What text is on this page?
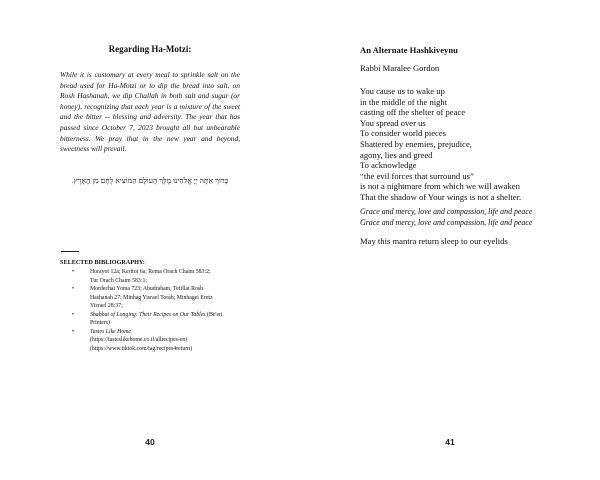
Regarding Ha-Motzi:

While it is customary at every meal to sprinkle salt on the bread used for Ha-Motzi or to dip the bread into salt, on Rosh Hashanah, we dip Challah in both salt and sugar (or honey), recognizing that each year is a mixture of the sweet and the bitter -- blessing and adversity. The year that has passed since October 7, 2023 brought all but unbearable bitterness. We pray that in the new year and beyond, sweetness will prevail.

בָּרוּךְ אַתָּה יְיָ אֱלֹהֵינוּ מֶלֶךְ הָעוֹלָם הַמּוֹצִיא לֶחֶם מִן הָאָרֶץ.
SELECTED BIBLIOGRAPHY:
• Horayot 12a; Keritot 6a; Rema Orach Chaim 583:2;
Tur Orach Chaim 583:1;
• Mordechai Yoma 723; Abudraham, Tefillat Rosh
Hashanah 27; Minhag Yisrael Torah; Minhagei Eretz
Yisrael 28:37;
• Shabbat of Longing: Their Recipes on Our Tables (Be'eri
Printers)
• Tastes Like Home
(https://tasteslikehome.co.il/allrecipes-en)
(https://www.tiktok.com/tag/recipes4return)
40
An Alternate Hashkiveynu
Rabbi Maralee Gordon
You cause us to wake up
in the middle of the night
casting off the shelter of peace
You spread over us
To consider world pieces
Shattered by enemies, prejudice,
agony, lies and greed
To acknowledge
“the evil forces that surround us”
is not a nightmare from which we will awaken
That the shadow of Your wings is not a shelter.
Grace and mercy, love and compassion, life and peace
Grace and mercy, love and compassion, life and peace
May this mantra return sleep to our eyelids
41
